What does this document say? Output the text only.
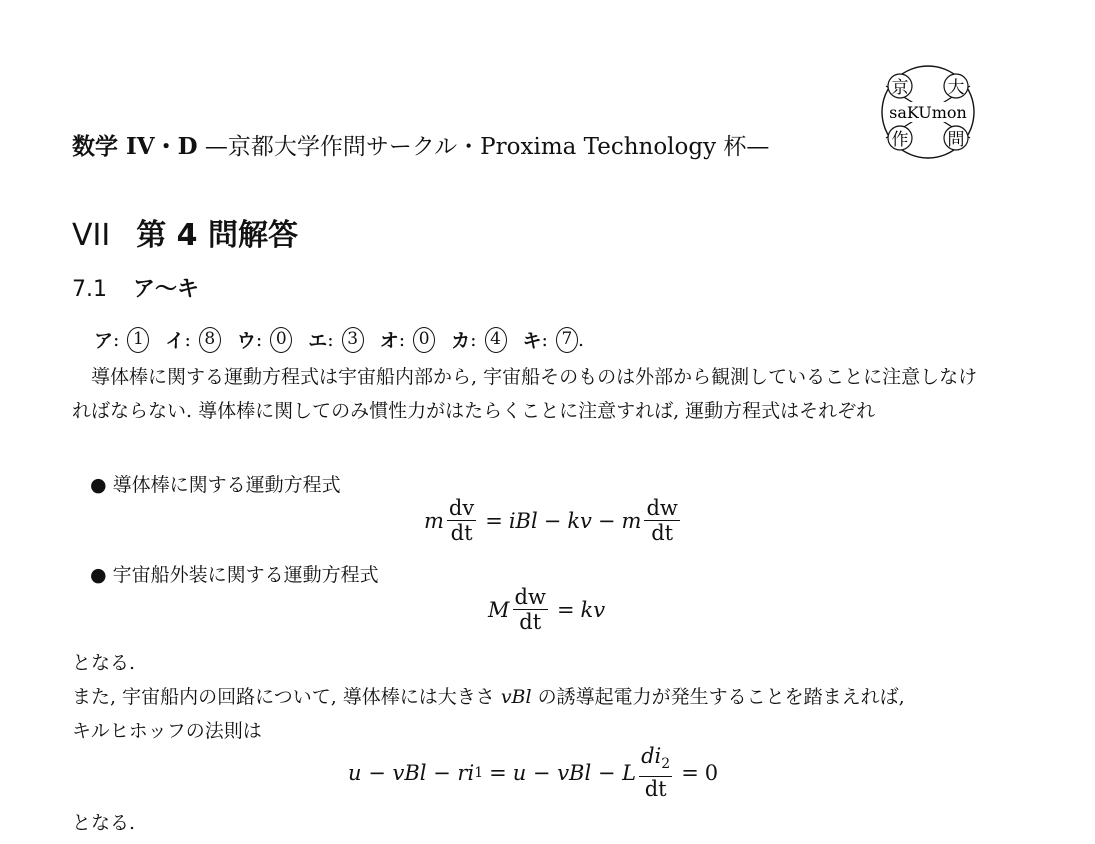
数学 IV・D —京都大学作問サークル・Proxima Technology 杯—
京 大
作 問
saKUmon
VII 第 4 問解答
7.1 ア〜キ
ア : 1 イ : 8 ウ : 0 エ : 3 オ : 0 カ : 4 キ : 7 .
導体棒に関する運動方程式は宇宙船内部から, 宇宙船そのものは外部から観測していることに注意しなければならない. 導体棒に関してのみ慣性力がはたらくことに注意すれば, 運動方程式はそれぞれ
● 導体棒に関する運動方程式
m $\frac{dv}{dt}$ = iBl − kv − m $\frac{dw}{dt}$
● 宇宙船外装に関する運動方程式
M $\frac{dw}{dt}$ = kv
となる.
また, 宇宙船内の回路について, 導体棒には大きさ vBl の誘導起電力が発生することを踏まえれば,
キルヒホッフの法則は
u − vBl − ri 1 = u − vBl − L $\frac{di_2}{dt} = 0$
となる.
